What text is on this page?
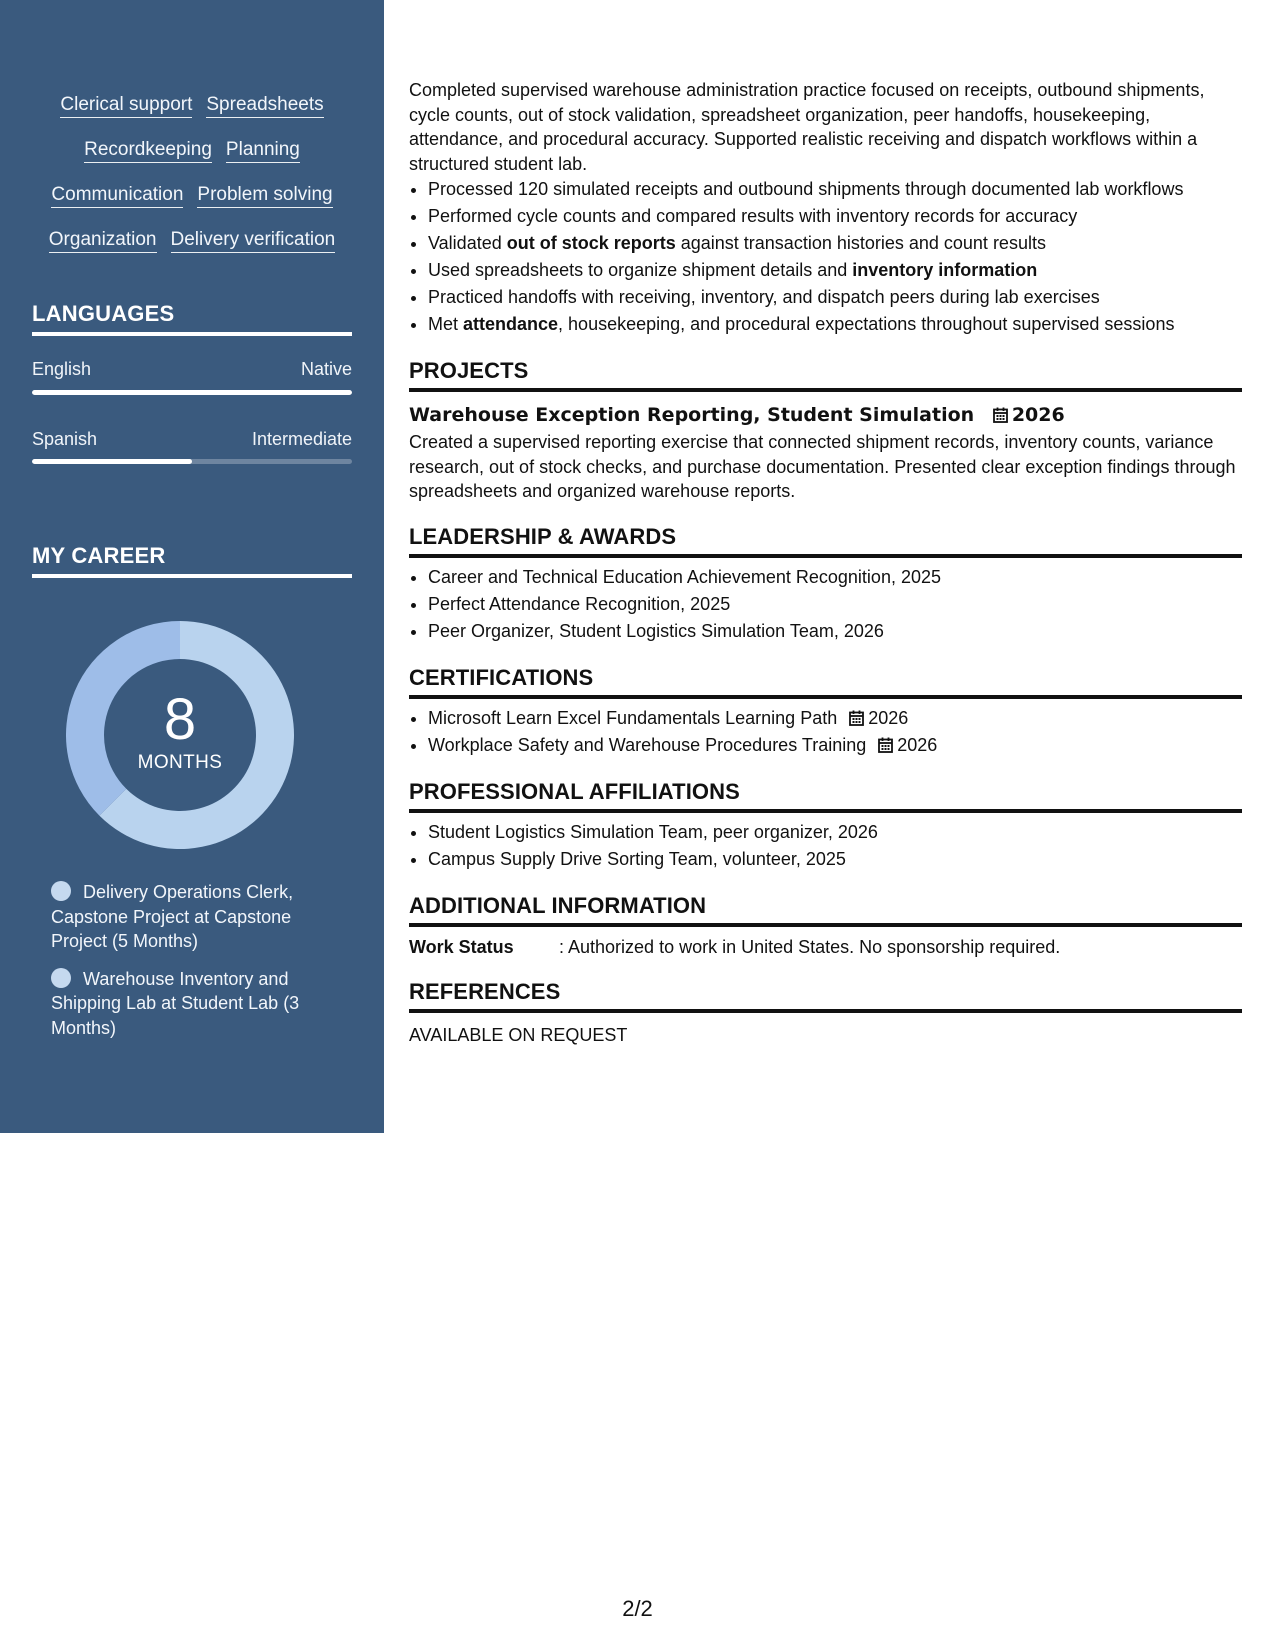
Clerical support Spreadsheets
Recordkeeping Planning
Communication Problem solving
Organization Delivery verification
LANGUAGES
English	Native
Spanish	Intermediate
MY CAREER
8
MONTHS
Delivery Operations Clerk, Capstone Project at Capstone Project (5 Months)
Warehouse Inventory and Shipping Lab at Student Lab (3 Months)

Completed supervised warehouse administration practice focused on receipts, outbound shipments, cycle counts, out of stock validation, spreadsheet organization, peer handoffs, housekeeping, attendance, and procedural accuracy. Supported realistic receiving and dispatch workflows within a structured student lab.

• Processed 120 simulated receipts and outbound shipments through documented lab workflows
• Performed cycle counts and compared results with inventory records for accuracy
• Validated out of stock reports against transaction histories and count results
• Used spreadsheets to organize shipment details and inventory information
• Practiced handoffs with receiving, inventory, and dispatch peers during lab exercises
• Met attendance, housekeeping, and procedural expectations throughout supervised sessions
PROJECTS
Warehouse Exception Reporting, Student Simulation 2026
Created a supervised reporting exercise that connected shipment records, inventory counts, variance research, out of stock checks, and purchase documentation. Presented clear exception findings through spreadsheets and organized warehouse reports.
LEADERSHIP & AWARDS
• Career and Technical Education Achievement Recognition, 2025
• Perfect Attendance Recognition, 2025
• Peer Organizer, Student Logistics Simulation Team, 2026
CERTIFICATIONS
• Microsoft Learn Excel Fundamentals Learning Path 2026
• Workplace Safety and Warehouse Procedures Training 2026
PROFESSIONAL AFFILIATIONS
• Student Logistics Simulation Team, peer organizer, 2026
• Campus Supply Drive Sorting Team, volunteer, 2025
ADDITIONAL INFORMATION
Work Status	: Authorized to work in United States. No sponsorship required.
REFERENCES
AVAILABLE ON REQUEST
2/2
